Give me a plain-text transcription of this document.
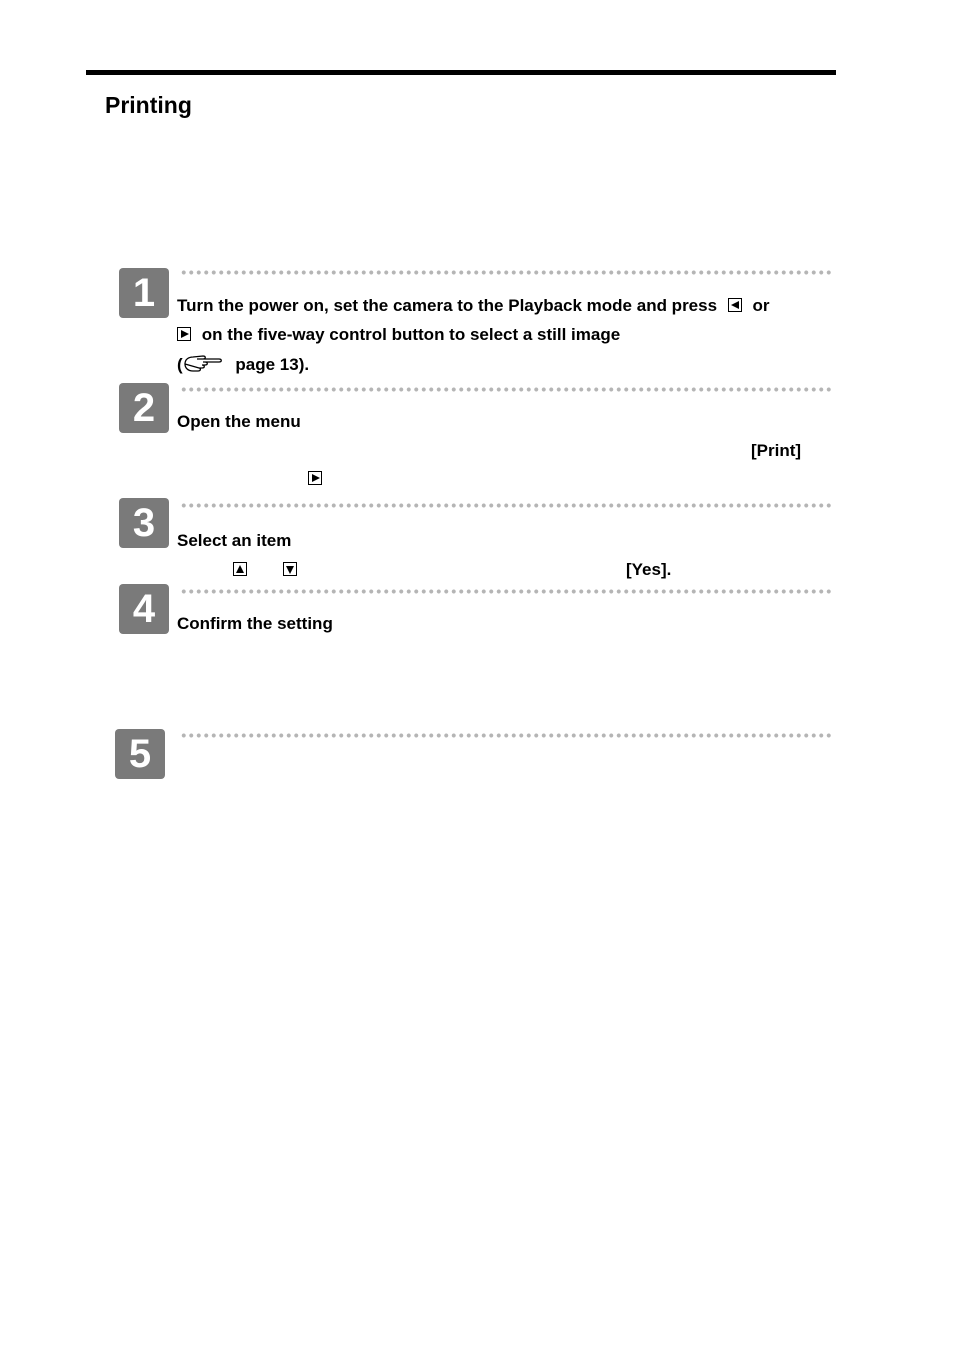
Printing
1	Turn the power on, set the camera to the Playback mode and press or
on the five-way control button to select a still image
(	page 13).
2	Open the menu
[Print]
3	Select an item
[Yes].
4	Confirm the setting
5
